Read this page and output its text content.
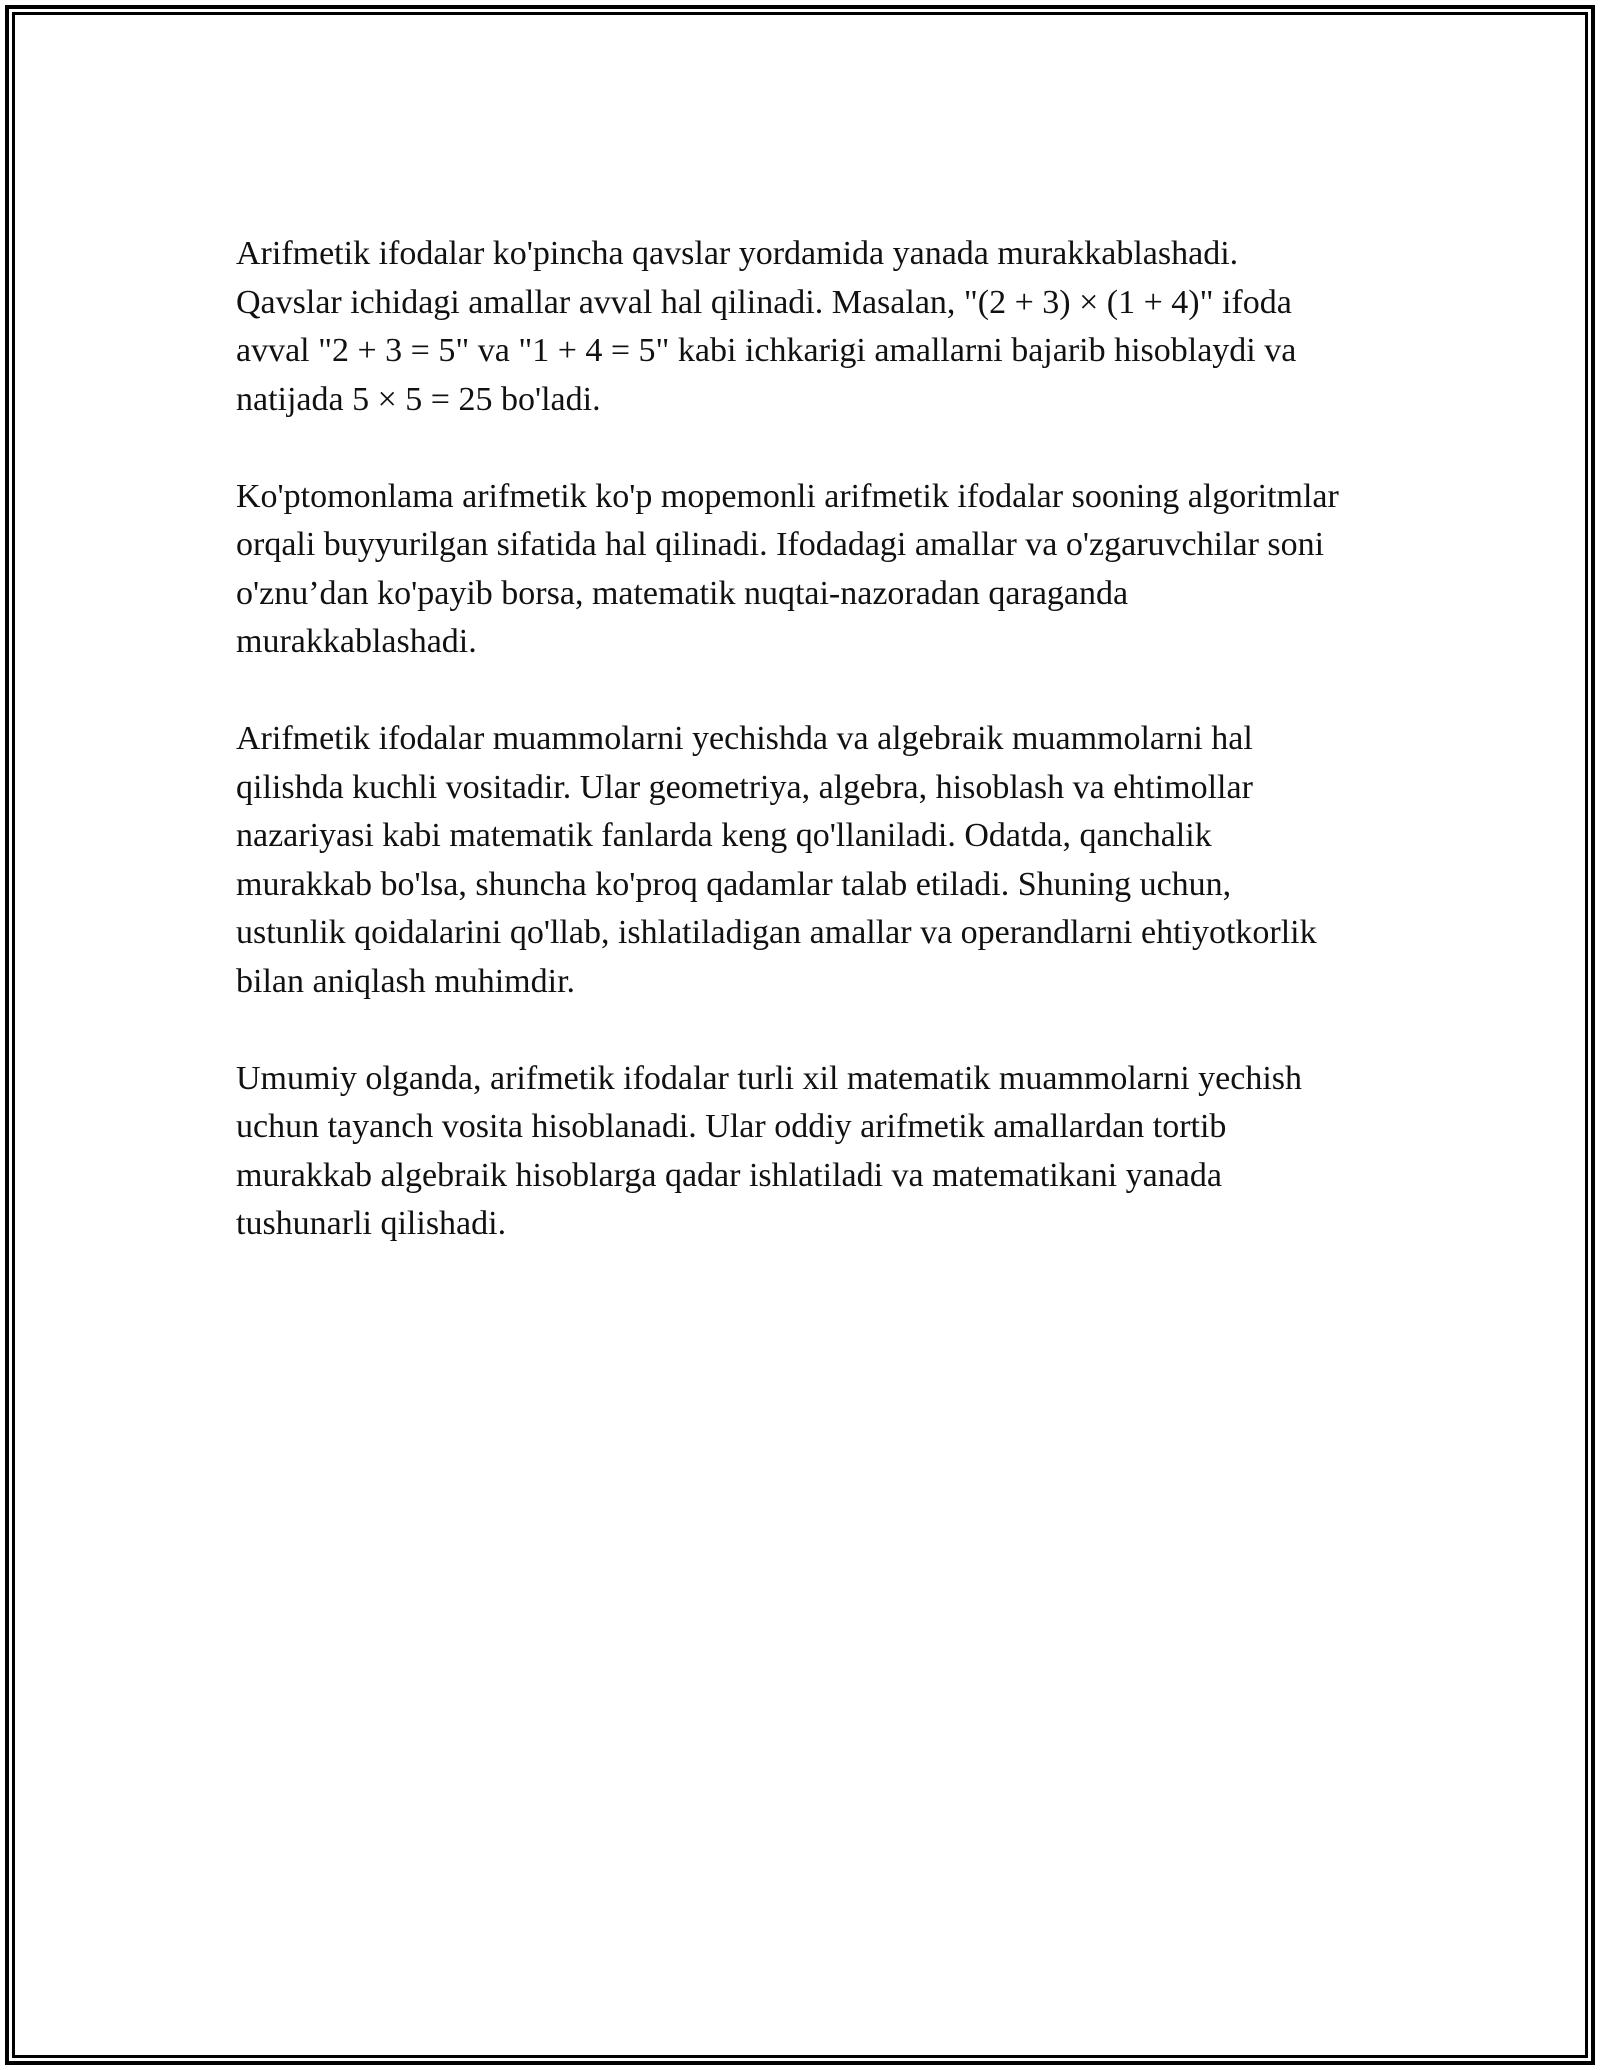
Arifmetik ifodalar ko'pincha qavslar yordamida yanada murakkablashadi. Qavslar ichidagi amallar avval hal qilinadi. Masalan, "(2 + 3) × (1 + 4)" ifoda avval "2 + 3 = 5" va "1 + 4 = 5" kabi ichkarigi amallarni bajarib hisoblaydi va natijada 5 × 5 = 25 bo'ladi.

Ko'ptomonlama arifmetik ko'p mopemonli arifmetik ifodalar sooning algoritmlar orqali buyyurilgan sifatida hal qilinadi. Ifodadagi amallar va o'zgaruvchilar soni o'znu’dan ko'payib borsa, matematik nuqtai-nazoradan qaraganda murakkablashadi.

Arifmetik ifodalar muammolarni yechishda va algebraik muammolarni hal qilishda kuchli vositadir. Ular geometriya, algebra, hisoblash va ehtimollar nazariyasi kabi matematik fanlarda keng qo'llaniladi. Odatda, qanchalik murakkab bo'lsa, shuncha ko'proq qadamlar talab etiladi. Shuning uchun, ustunlik qoidalarini qo'llab, ishlatiladigan amallar va operandlarni ehtiyotkorlik bilan aniqlash muhimdir.

Umumiy olganda, arifmetik ifodalar turli xil matematik muammolarni yechish uchun tayanch vosita hisoblanadi. Ular oddiy arifmetik amallardan tortib murakkab algebraik hisoblarga qadar ishlatiladi va matematikani yanada tushunarli qilishadi.
